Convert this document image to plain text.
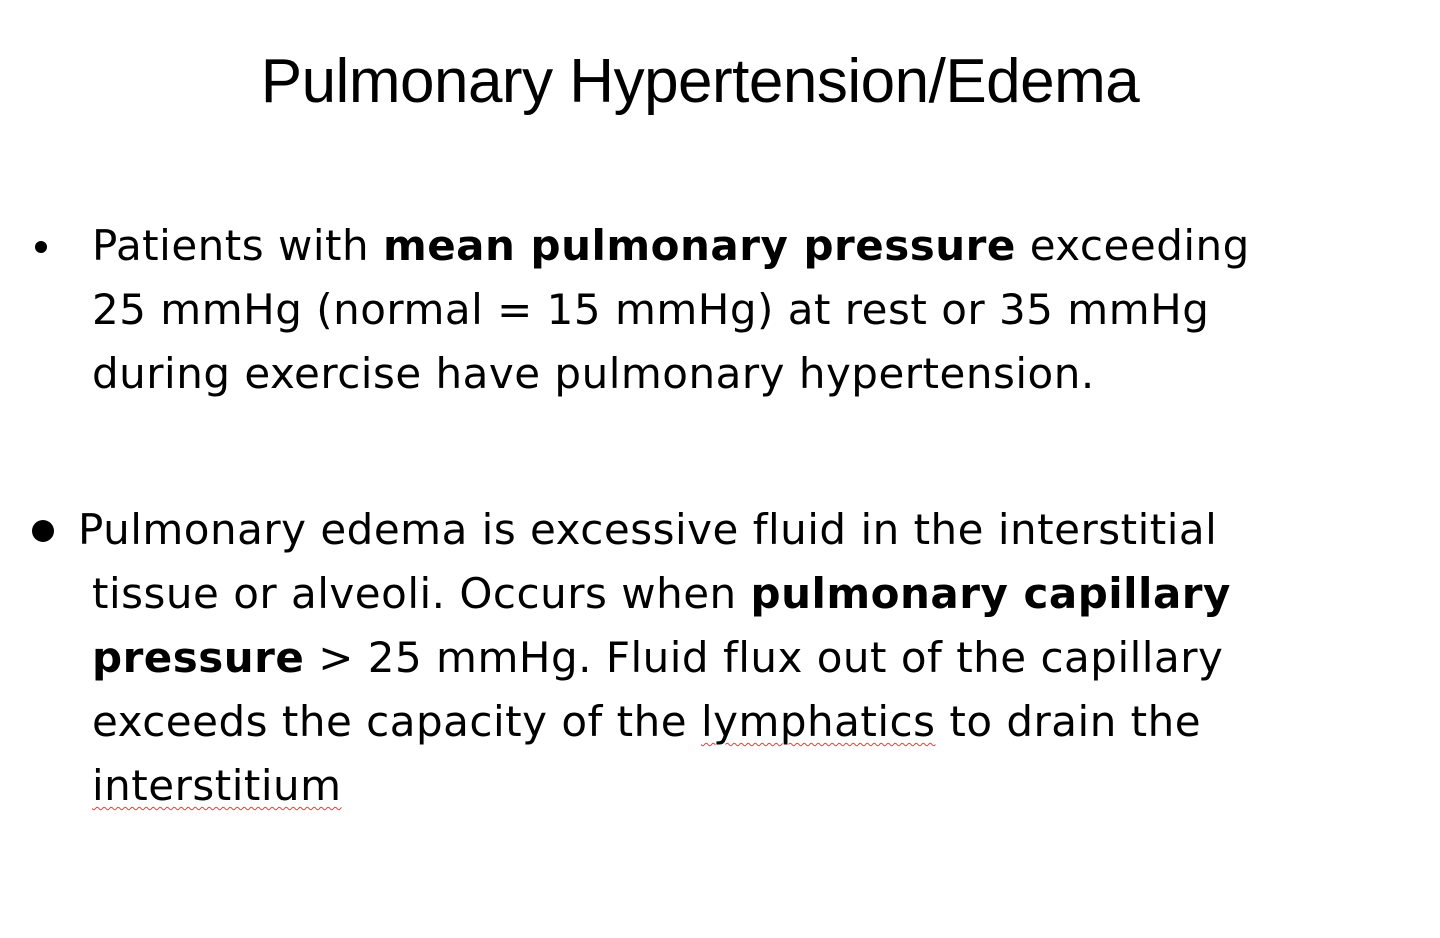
Pulmonary Hypertension/Edema
Patients with mean pulmonary pressure exceeding
25 mmHg (normal = 15 mmHg) at rest or 35 mmHg
during exercise have pulmonary hypertension.
Pulmonary edema is excessive fluid in the interstitial
tissue or alveoli. Occurs when pulmonary capillary
pressure > 25 mmHg. Fluid flux out of the capillary
exceeds the capacity of the lymphatics to drain the
interstitium
